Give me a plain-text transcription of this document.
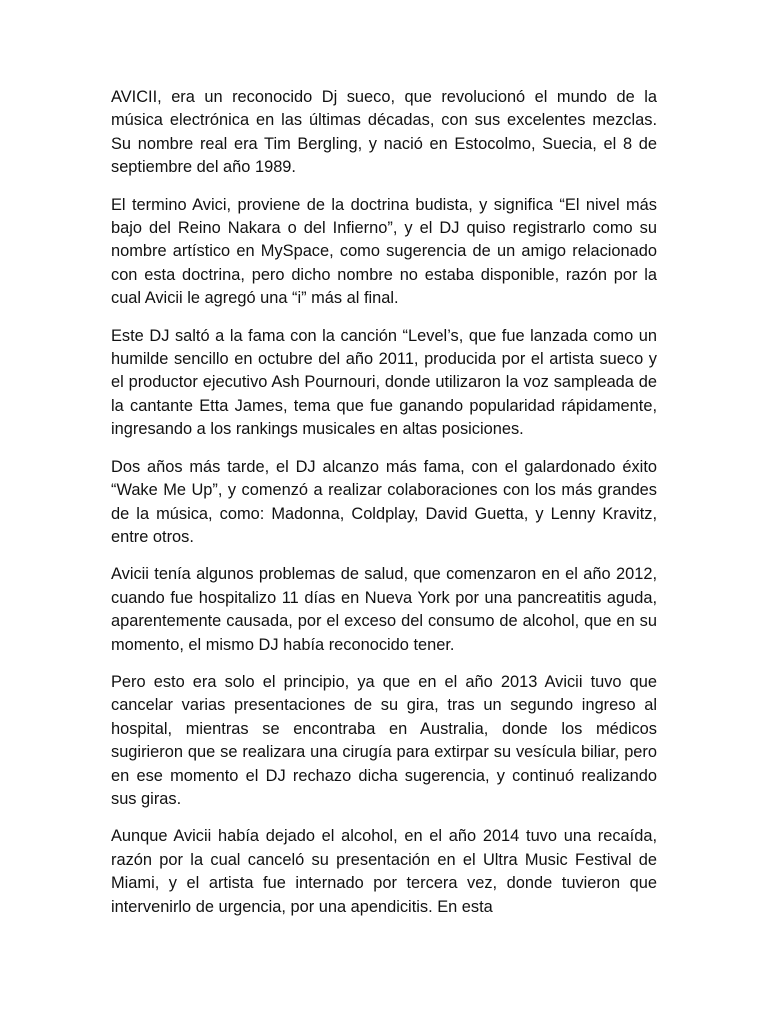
AVICII, era un reconocido Dj sueco, que revolucionó el mundo de la música electrónica en las últimas décadas, con sus excelentes mezclas. Su nombre real era Tim Bergling, y nació en Estocolmo, Suecia, el 8 de septiembre del año 1989.

El termino Avici, proviene de la doctrina budista, y significa “El nivel más bajo del Reino Nakara o del Infierno”, y el DJ quiso registrarlo como su nombre artístico en MySpace, como sugerencia de un amigo relacionado con esta doctrina, pero dicho nombre no estaba disponible, razón por la cual Avicii le agregó una “i” más al final.

Este DJ saltó a la fama con la canción “Level’s, que fue lanzada como un humilde sencillo en octubre del año 2011, producida por el artista sueco y el productor ejecutivo Ash Pournouri, donde utilizaron la voz sampleada de la cantante Etta James, tema que fue ganando popularidad rápidamente, ingresando a los rankings musicales en altas posiciones.

Dos años más tarde, el DJ alcanzo más fama, con el galardonado éxito “Wake Me Up”, y comenzó a realizar colaboraciones con los más grandes de la música, como: Madonna, Coldplay, David Guetta, y Lenny Kravitz, entre otros.

Avicii tenía algunos problemas de salud, que comenzaron en el año 2012, cuando fue hospitalizo 11 días en Nueva York por una pancreatitis aguda, aparentemente causada, por el exceso del consumo de alcohol, que en su momento, el mismo DJ había reconocido tener.

Pero esto era solo el principio, ya que en el año 2013 Avicii tuvo que cancelar varias presentaciones de su gira, tras un segundo ingreso al hospital, mientras se encontraba en Australia, donde los médicos sugirieron que se realizara una cirugía para extirpar su vesícula biliar, pero en ese momento el DJ rechazo dicha sugerencia, y continuó realizando sus giras.

Aunque Avicii había dejado el alcohol, en el año 2014 tuvo una recaída, razón por la cual canceló su presentación en el Ultra Music Festival de Miami, y el artista fue internado por tercera vez, donde tuvieron que intervenirlo de urgencia, por una apendicitis. En esta
